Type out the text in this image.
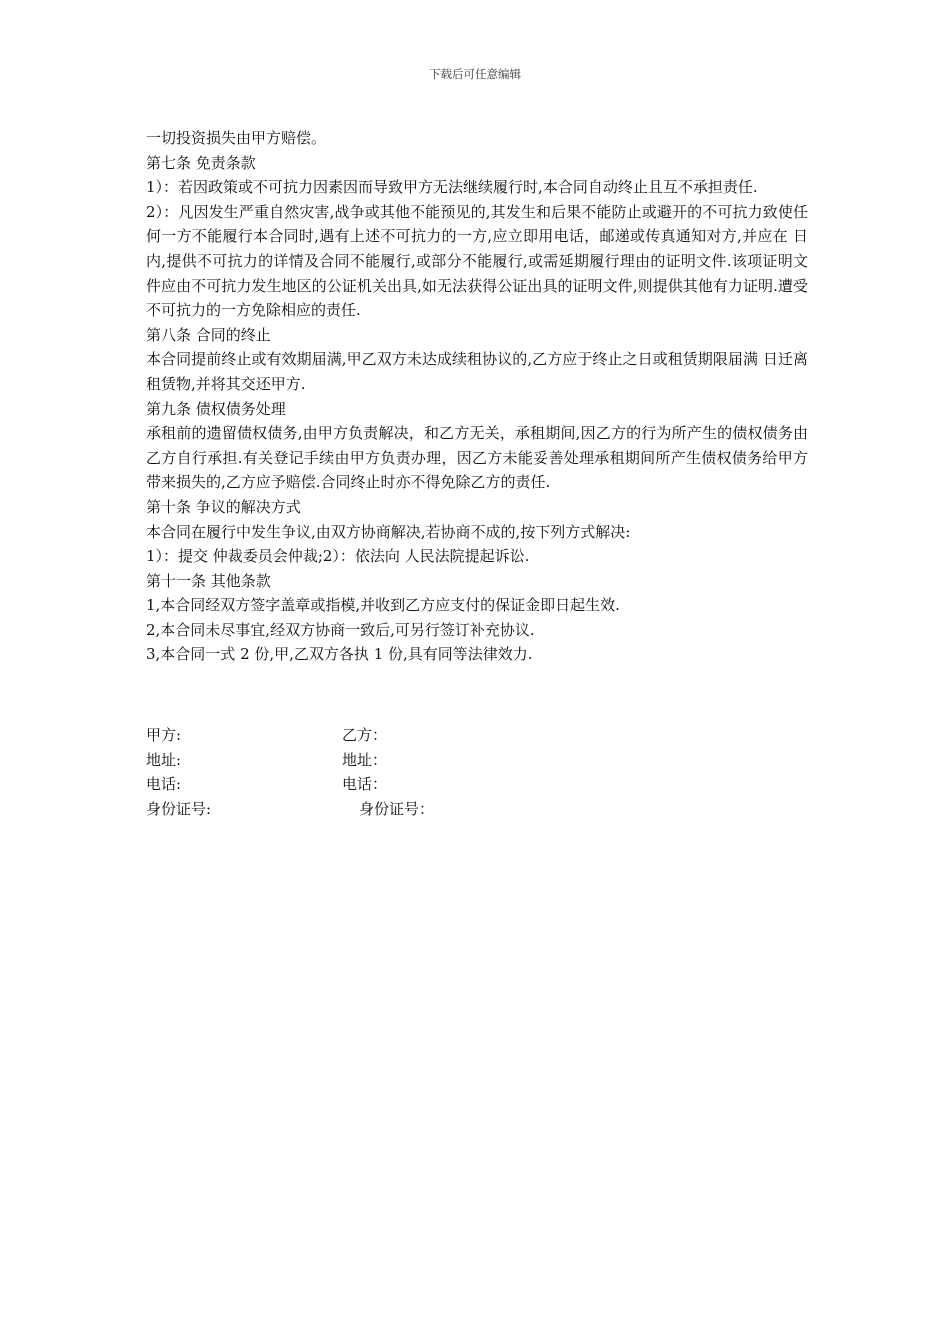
下载后可任意编辑

一切投资损失由甲方赔偿。

第七条 免责条款

1）：若因政策或不可抗力因素因而导致甲方无法继续履行时,本合同自动终止且互不承担责任.

2）：凡因发生严重自然灾害,战争或其他不能预见的,其发生和后果不能防止或避开的不可抗力致使任何一方不能履行本合同时,遇有上述不可抗力的一方,应立即用电话，邮递或传真通知对方,并应在 日内,提供不可抗力的详情及合同不能履行,或部分不能履行,或需延期履行理由的证明文件.该项证明文件应由不可抗力发生地区的公证机关出具,如无法获得公证出具的证明文件,则提供其他有力证明.遭受不可抗力的一方免除相应的责任.

第八条 合同的终止

本合同提前终止或有效期届满,甲乙双方未达成续租协议的,乙方应于终止之日或租赁期限届满 日迁离租赁物,并将其交还甲方.

第九条 债权债务处理

承租前的遗留债权债务,由甲方负责解决，和乙方无关，承租期间,因乙方的行为所产生的债权债务由乙方自行承担.有关登记手续由甲方负责办理，因乙方未能妥善处理承租期间所产生债权债务给甲方带来损失的,乙方应予赔偿.合同终止时亦不得免除乙方的责任.

第十条 争议的解决方式

本合同在履行中发生争议,由双方协商解决,若协商不成的,按下列方式解决:

1）：提交 仲裁委员会仲裁;2）：依法向 人民法院提起诉讼.

第十一条 其他条款

1,本合同经双方签字盖章或指模,并收到乙方应支付的保证金即日起生效.

2,本合同未尽事宜,经双方协商一致后,可另行签订补充协议.

3,本合同一式 2 份,甲,乙双方各执 1 份,具有同等法律效力.

甲方:	乙方：
地址:	地址：
电话:	电话：
身份证号:	身份证号：
